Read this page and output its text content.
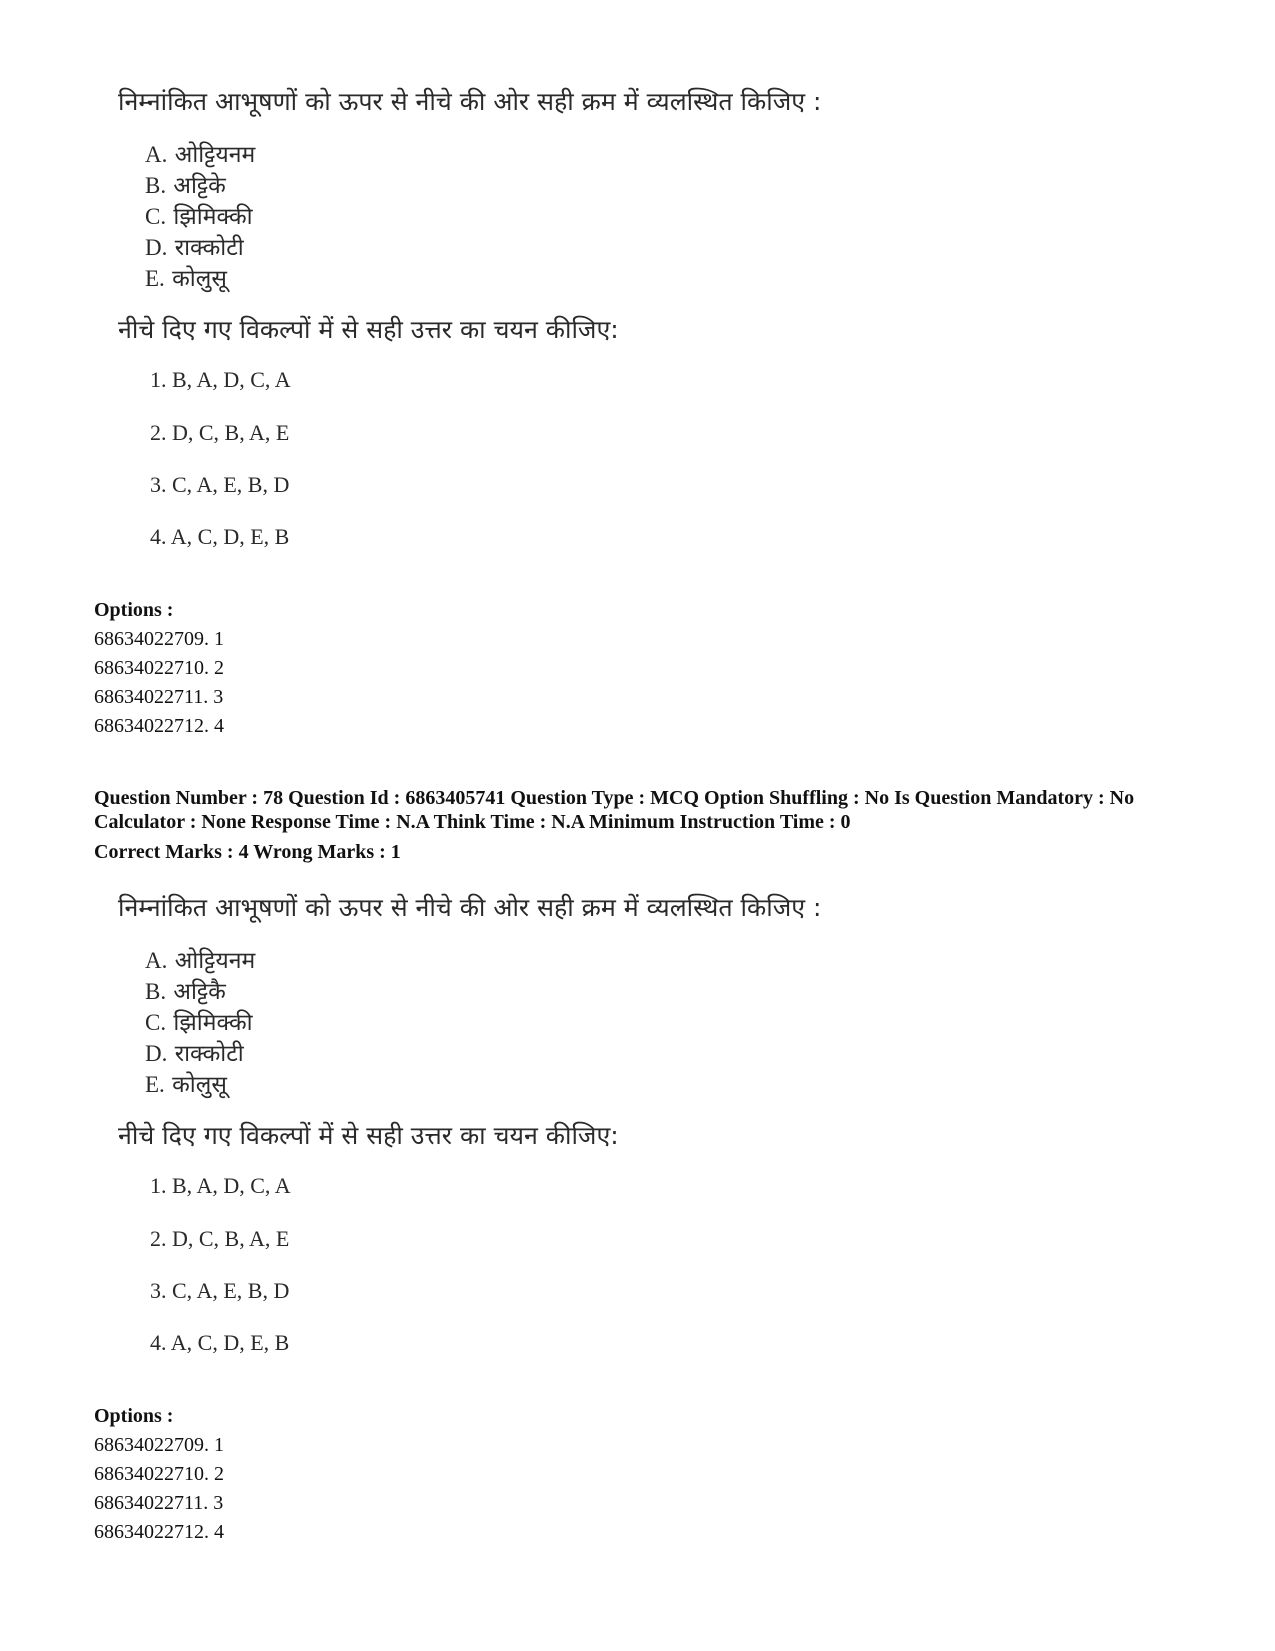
निम्नांकित आभूषणों को ऊपर से नीचे की ओर सही क्रम में व्यलस्थित किजिए :
A. ओट्टियनम
B. अट्टिके
C. झिमिक्की
D. राक्कोटी
E. कोलुसू
नीचे दिए गए विकल्पों में से सही उत्तर का चयन कीजिए:
1. B, A, D, C, A
2. D, C, B, A, E
3. C, A, E, B, D
4. A, C, D, E, B
Options :
68634022709. 1
68634022710. 2
68634022711. 3
68634022712. 4
Question Number : 78 Question Id : 6863405741 Question Type : MCQ Option Shuffling : No Is Question Mandatory : No Calculator : None Response Time : N.A Think Time : N.A Minimum Instruction Time : 0
Correct Marks : 4 Wrong Marks : 1
निम्नांकित आभूषणों को ऊपर से नीचे की ओर सही क्रम में व्यलस्थित किजिए :
A. ओट्टियनम
B. अट्टिकै
C. झिमिक्की
D. राक्कोटी
E. कोलुसू
नीचे दिए गए विकल्पों में से सही उत्तर का चयन कीजिए:
1. B, A, D, C, A
2. D, C, B, A, E
3. C, A, E, B, D
4. A, C, D, E, B
Options :
68634022709. 1
68634022710. 2
68634022711. 3
68634022712. 4
